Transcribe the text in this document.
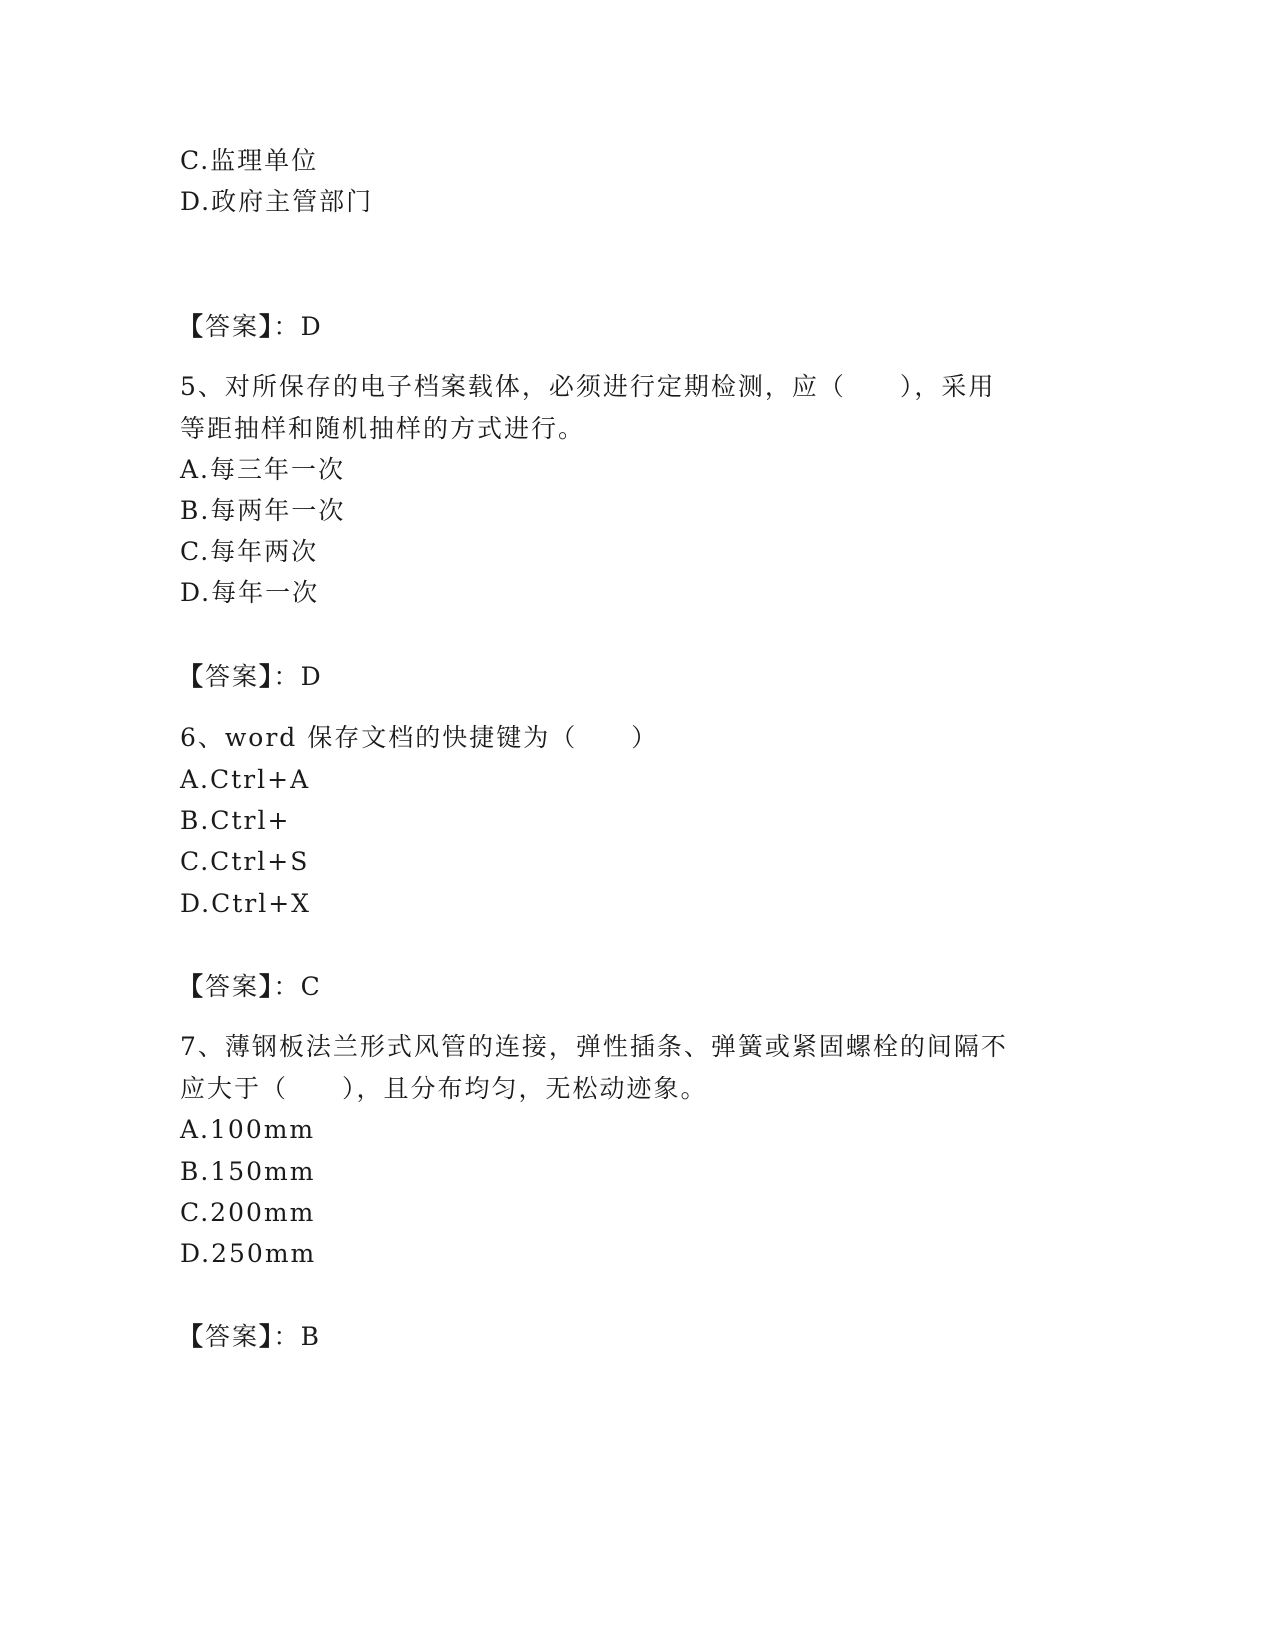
C.监理单位
D.政府主管部门
【答案】：D
5、对所保存的电子档案载体，必须进行定期检测，应（　　），采用
等距抽样和随机抽样的方式进行。
A.每三年一次
B.每两年一次
C.每年两次
D.每年一次
【答案】：D
6、word 保存文档的快捷键为（　　）
A.Ctrl+A
B.Ctrl+
C.Ctrl+S
D.Ctrl+X
【答案】：C
7、薄钢板法兰形式风管的连接，弹性插条、弹簧或紧固螺栓的间隔不
应大于（　　），且分布均匀，无松动迹象。
A.100mm
B.150mm
C.200mm
D.250mm
【答案】：B
